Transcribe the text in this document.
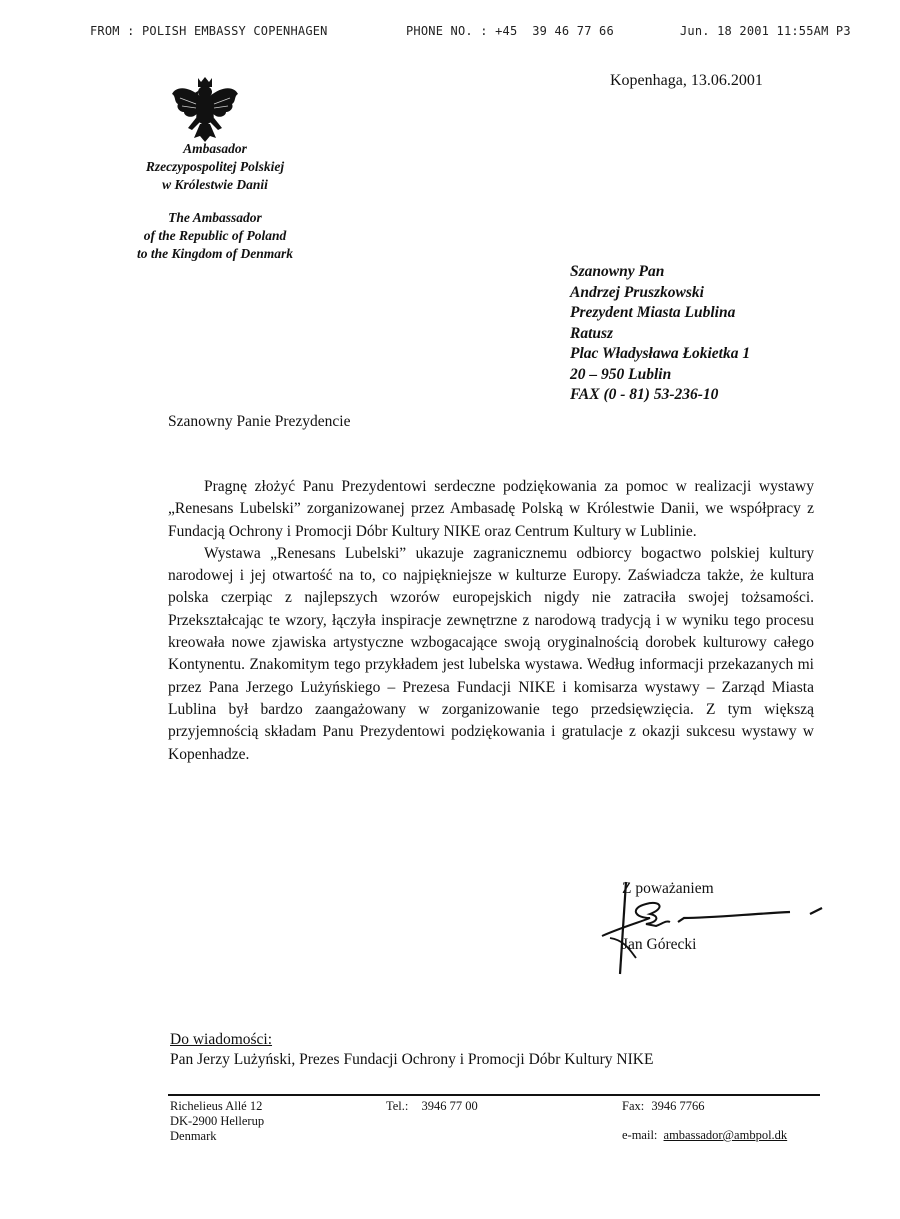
FROM : POLISH EMBASSY COPENHAGEN	PHONE NO. : +45  39 46 77 66	Jun. 18 2001 11:55AM P3
Ambasador
Rzeczypospolitej Polskiej
w Królestwie Danii
The Ambassador
of the Republic of Poland
to the Kingdom of Denmark
Kopenhaga, 13.06.2001
Szanowny Pan
Andrzej Pruszkowski
Prezydent Miasta Lublina
Ratusz
Plac Władysława Łokietka 1
20 – 950 Lublin
FAX (0 - 81) 53-236-10
Szanowny Panie Prezydencie

Pragnę złożyć Panu Prezydentowi serdeczne podziękowania za pomoc w realizacji wystawy „Renesans Lubelski” zorganizowanej przez Ambasadę Polską w Królestwie Danii, we współpracy z Fundacją Ochrony i Promocji Dóbr Kultury NIKE oraz Centrum Kultury w Lublinie.

Wystawa „Renesans Lubelski” ukazuje zagranicznemu odbiorcy bogactwo polskiej kultury narodowej i jej otwartość na to, co najpiękniejsze w kulturze Europy. Zaświadcza także, że kultura polska czerpiąc z najlepszych wzorów europejskich nigdy nie zatraciła swojej tożsamości. Przekształcając te wzory, łączyła inspiracje zewnętrzne z narodową tradycją i w wyniku tego procesu kreowała nowe zjawiska artystyczne wzbogacające swoją oryginalnością dorobek kulturowy całego Kontynentu. Znakomitym tego przykładem jest lubelska wystawa. Według informacji przekazanych mi przez Pana Jerzego Lużyńskiego – Prezesa Fundacji NIKE i komisarza wystawy – Zarząd Miasta Lublina był bardzo zaangażowany w zorganizowanie tego przedsięwzięcia. Z tym większą przyjemnością składam Panu Prezydentowi podziękowania i gratulacje z okazji sukcesu wystawy w Kopenhadze.

Z poważaniem
Jan Górecki
Do wiadomości:
Pan Jerzy Lużyński, Prezes Fundacji Ochrony i Promocji Dóbr Kultury NIKE
Richelieus Allé 12
DK-2900 Hellerup
Denmark
Tel.: 3946 77 00	Fax: 3946 7766
e-mail: ambassador@ambpol.dk
